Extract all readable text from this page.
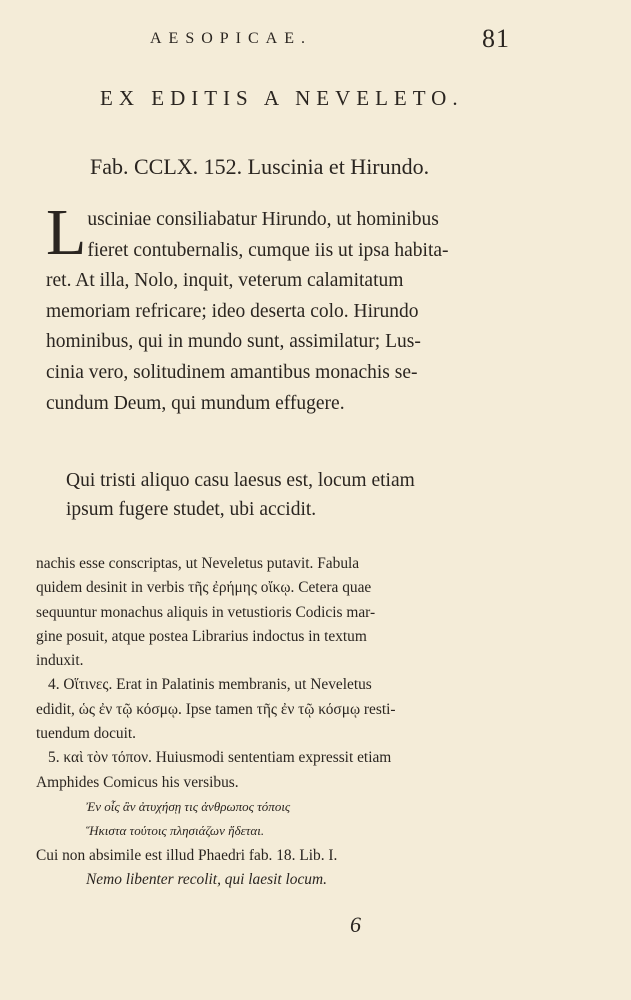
AESOPICAE.	81
EX EDITIS A NEVELETO.
Fab. CCLX. 152. Luscinia et Hirundo.
L usciniae consiliabatur Hirundo, ut hominibus
fieret contubernalis, cumque iis ut ipsa habita-
ret. At illa, Nolo, inquit, veterum calamitatum
memoriam refricare; ideo deserta colo. Hirundo
hominibus, qui in mundo sunt, assimilatur; Lus-
cinia vero, solitudinem amantibus monachis se-
cundum Deum, qui mundum effugere.
Qui tristi aliquo casu laesus est, locum etiam
ipsum fugere studet, ubi accidit.
nachis esse conscriptas, ut Neveletus putavit. Fabula
quidem desinit in verbis τῆς ἐρήμης οἴκῳ. Cetera quae
sequuntur monachus aliquis in vetustioris Codicis mar-
gine posuit, atque postea Librarius indoctus in textum
induxit.
4. Οἵτινες. Erat in Palatinis membranis, ut Neveletus
edidit, ὡς ἐν τῷ κόσμῳ. Ipse tamen τῆς ἐν τῷ κόσμῳ resti-
tuendum docuit.
5. καὶ τὸν τόπον. Huiusmodi sententiam expressit etiam
Amphides Comicus his versibus.
Ἐν οἷς ἂν ἀτυχήσῃ τις ἀνθρωπος τόποις
Ἥκιστα τούτοις πλησιάζων ἥδεται.
Cui non absimile est illud Phaedri fab. 18. Lib. I.
Nemo libenter recolit, qui laesit locum.
6
